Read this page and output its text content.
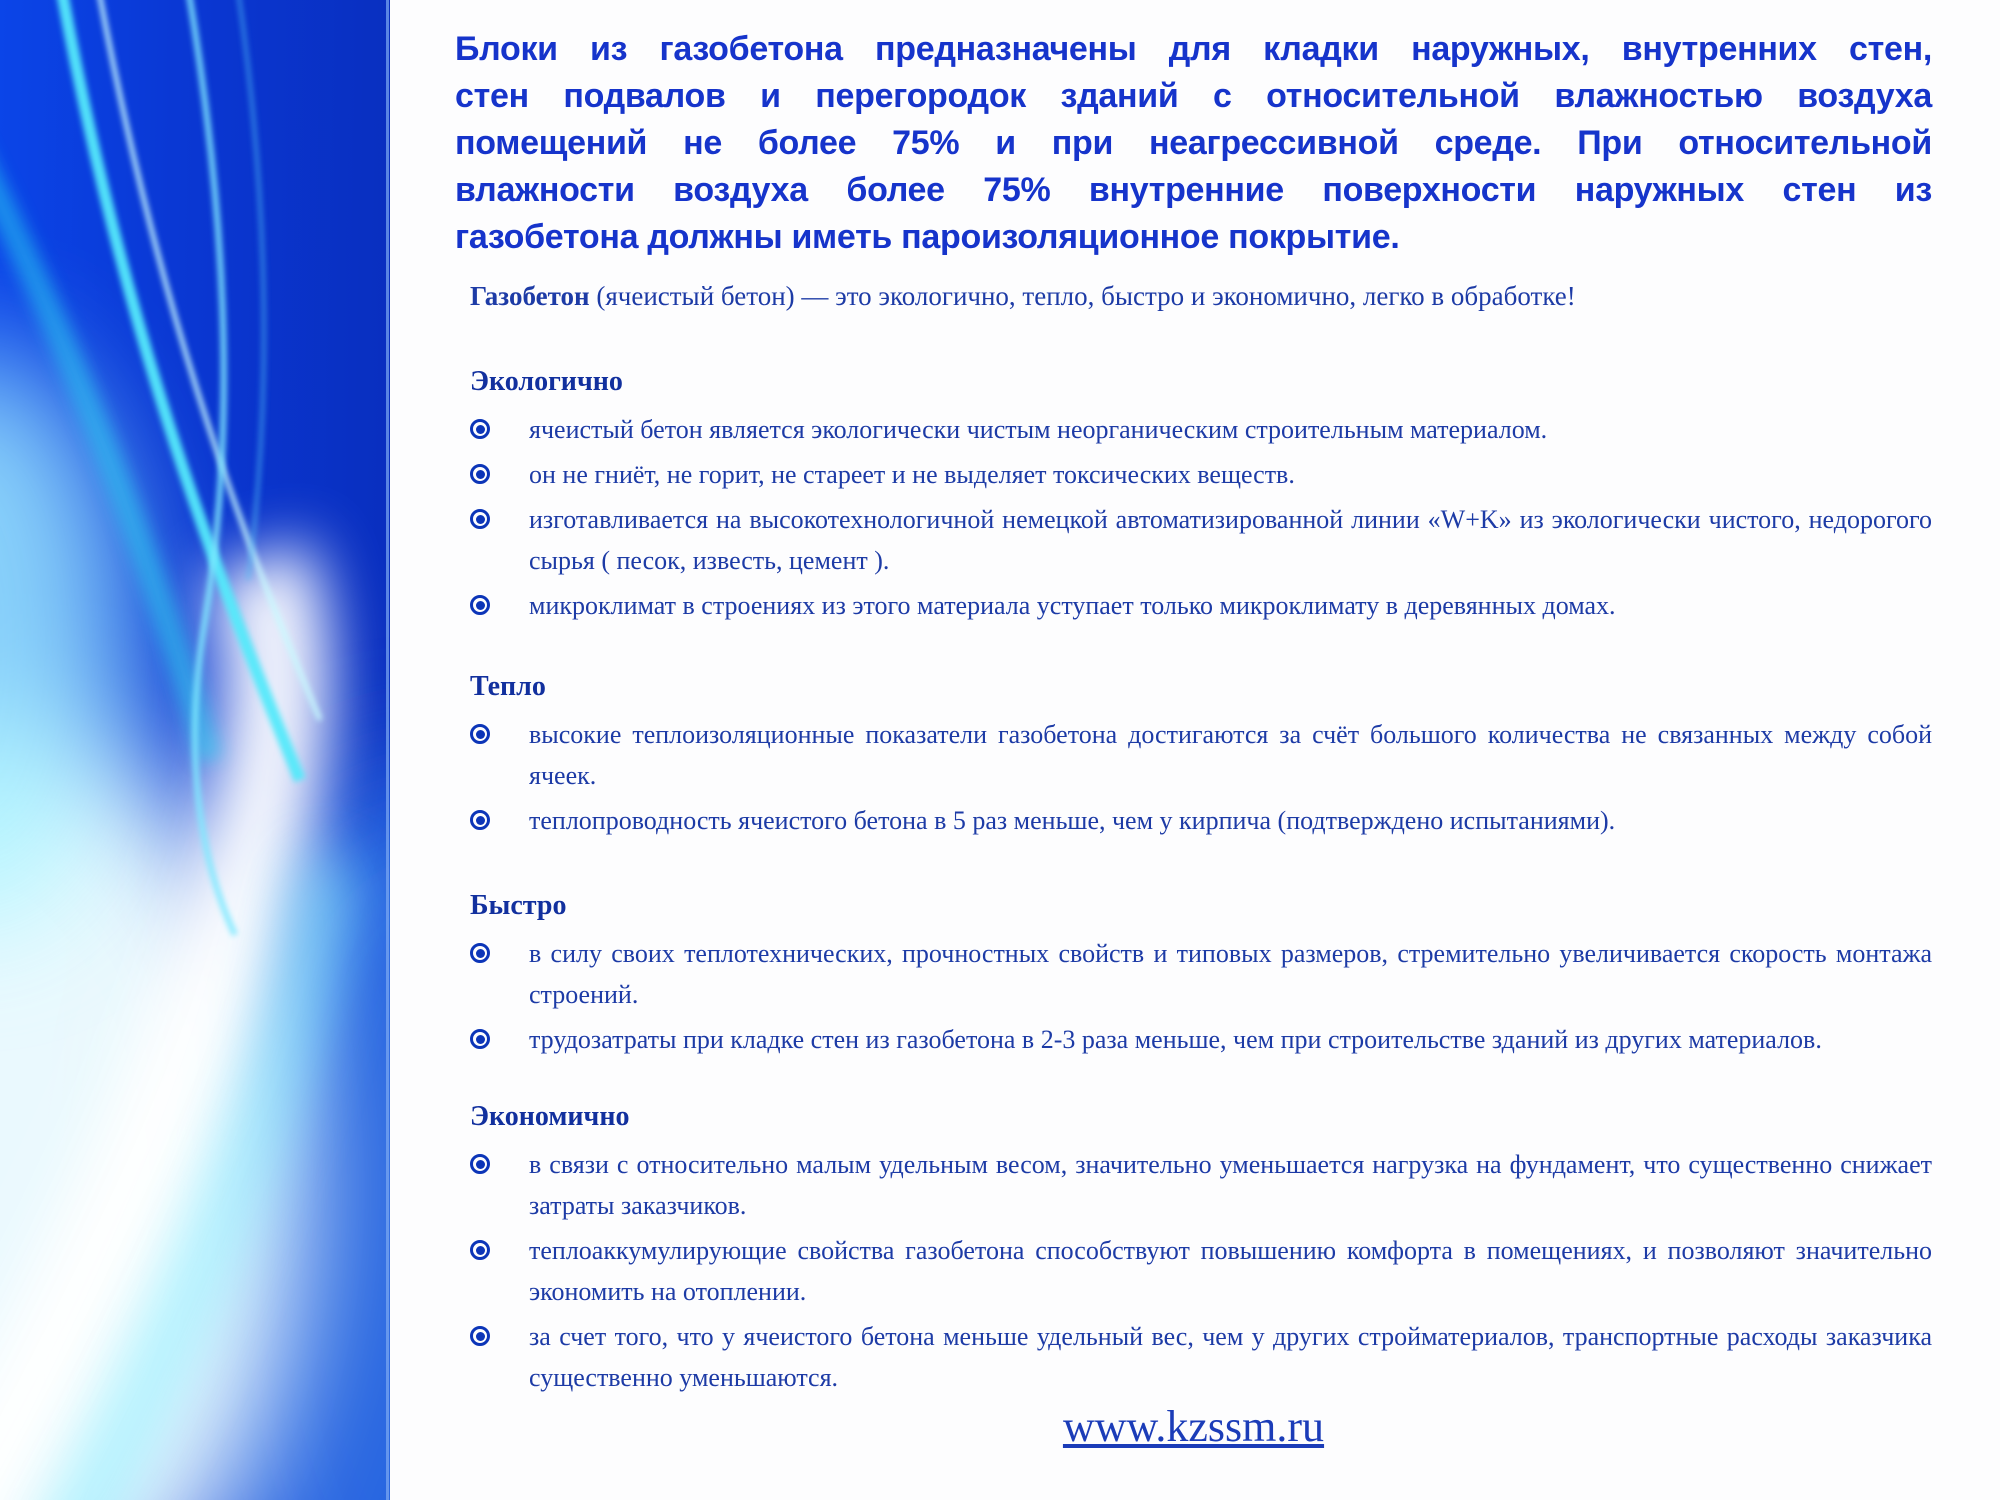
Блоки из газобетона предназначены для кладки наружных, внутренних стен,
стен подвалов и перегородок зданий с относительной влажностью воздуха
помещений не более 75% и при неагрессивной среде. При относительной
влажности воздуха более 75% внутренние поверхности наружных стен из
газобетона должны иметь пароизоляционное покрытие.
Газобетон (ячеистый бетон) — это экологично, тепло, быстро и экономично, легко в обработке!
Экологично
ячеистый бетон является экологически чистым неорганическим строительным материалом.
он не гниёт, не горит, не стареет и не выделяет токсических веществ.
изготавливается на высокотехнологичной немецкой автоматизированной линии «W+K» из экологически чистого, недорогого сырья ( песок, известь, цемент ).
микроклимат в строениях из этого материала уступает только микроклимату в деревянных домах.
Тепло
высокие теплоизоляционные показатели газобетона достигаются за счёт большого количества не связанных между собой ячеек.
теплопроводность ячеистого бетона в 5 раз меньше, чем у кирпича (подтверждено испытаниями).
Быстро
в силу своих теплотехнических, прочностных свойств и типовых размеров, стремительно увеличивается скорость монтажа строений.
трудозатраты при кладке стен из газобетона в 2-3 раза меньше, чем при строительстве зданий из других материалов.
Экономично
в связи с относительно малым удельным весом, значительно уменьшается нагрузка на фундамент, что существенно снижает затраты заказчиков.
теплоаккумулирующие свойства газобетона способствуют повышению комфорта в помещениях, и позволяют значительно экономить на отоплении.
за счет того, что у ячеистого бетона меньше удельный вес, чем у других стройматериалов, транспортные расходы заказчика существенно уменьшаются.
www.kzssm.ru
